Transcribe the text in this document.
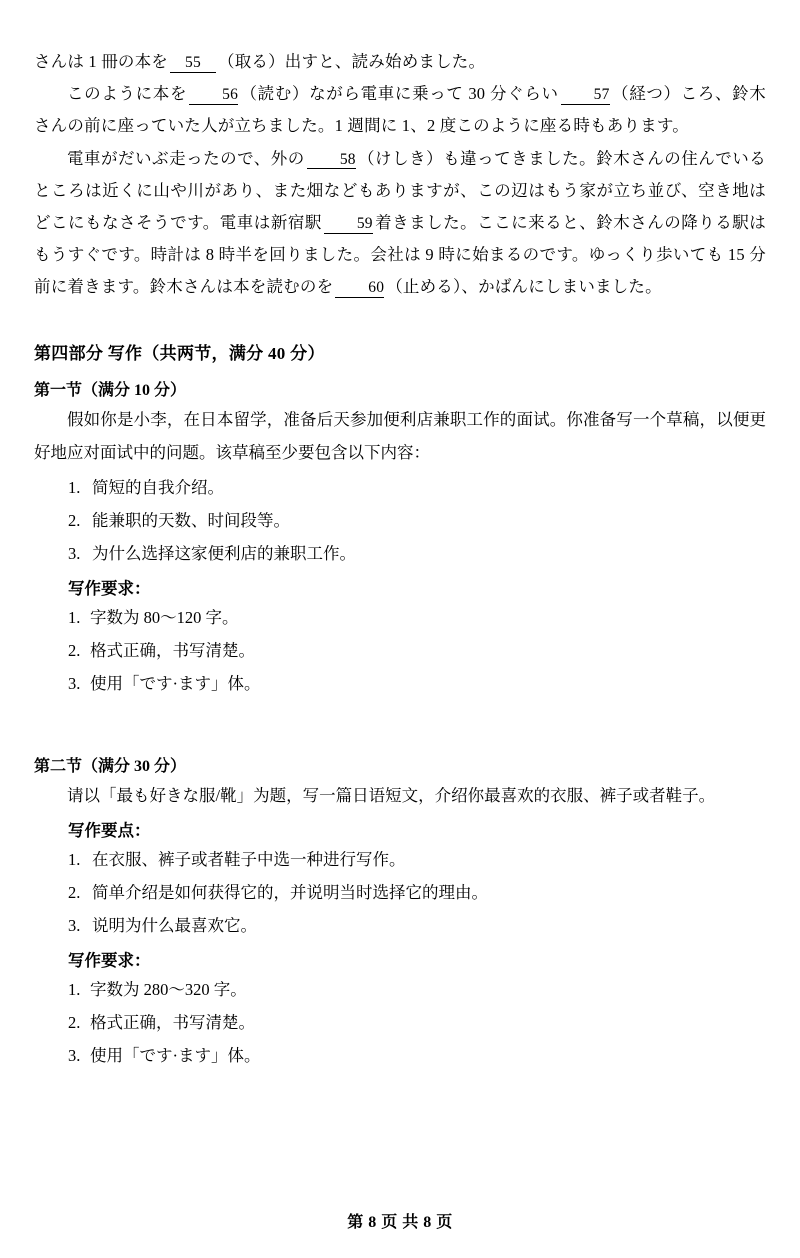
さんは 1 冊の本を 55 （取る）出すと、読み始めました。

このように本を 56 （読む）ながら電車に乗って 30 分ぐらい 57 （経つ）ころ、鈴木さんの前に座っていた人が立ちました。1 週間に 1、2 度このように座る時もあります。

電車がだいぶ走ったので、外の 58 （けしき）も違ってきました。鈴木さんの住んでいるところは近くに山や川があり、また畑などもありますが、この辺はもう家が立ち並び、空き地はどこにもなさそうです。電車は新宿駅 59 着きました。ここに来ると、鈴木さんの降りる駅はもうすぐです。時計は 8 時半を回りました。会社は 9 時に始まるのです。ゆっくり歩いても 15 分前に着きます。鈴木さんは本を読むのを 60 （止める）、かばんにしまいました。

第四部分 写作（共两节，满分 40 分）
第一节（满分 10 分）

假如你是小李，在日本留学，准备后天参加便利店兼职工作的面试。你准备写一个草稿，以便更好地应对面试中的问题。该草稿至少要包含以下内容：

1. 简短的自我介绍。
2. 能兼职的天数、时间段等。
3. 为什么选择这家便利店的兼职工作。
写作要求：
1. 字数为 80～120 字。
2. 格式正确，书写清楚。
3. 使用「です·ます」体。
第二节（满分 30 分）

请以「最も好きな服/靴」为题，写一篇日语短文，介绍你最喜欢的衣服、裤子或者鞋子。

写作要点：
1. 在衣服、裤子或者鞋子中选一种进行写作。
2. 简单介绍是如何获得它的，并说明当时选择它的理由。
3. 说明为什么最喜欢它。
写作要求：
1. 字数为 280～320 字。
2. 格式正确，书写清楚。
3. 使用「です·ます」体。
第 8 页 共 8 页
